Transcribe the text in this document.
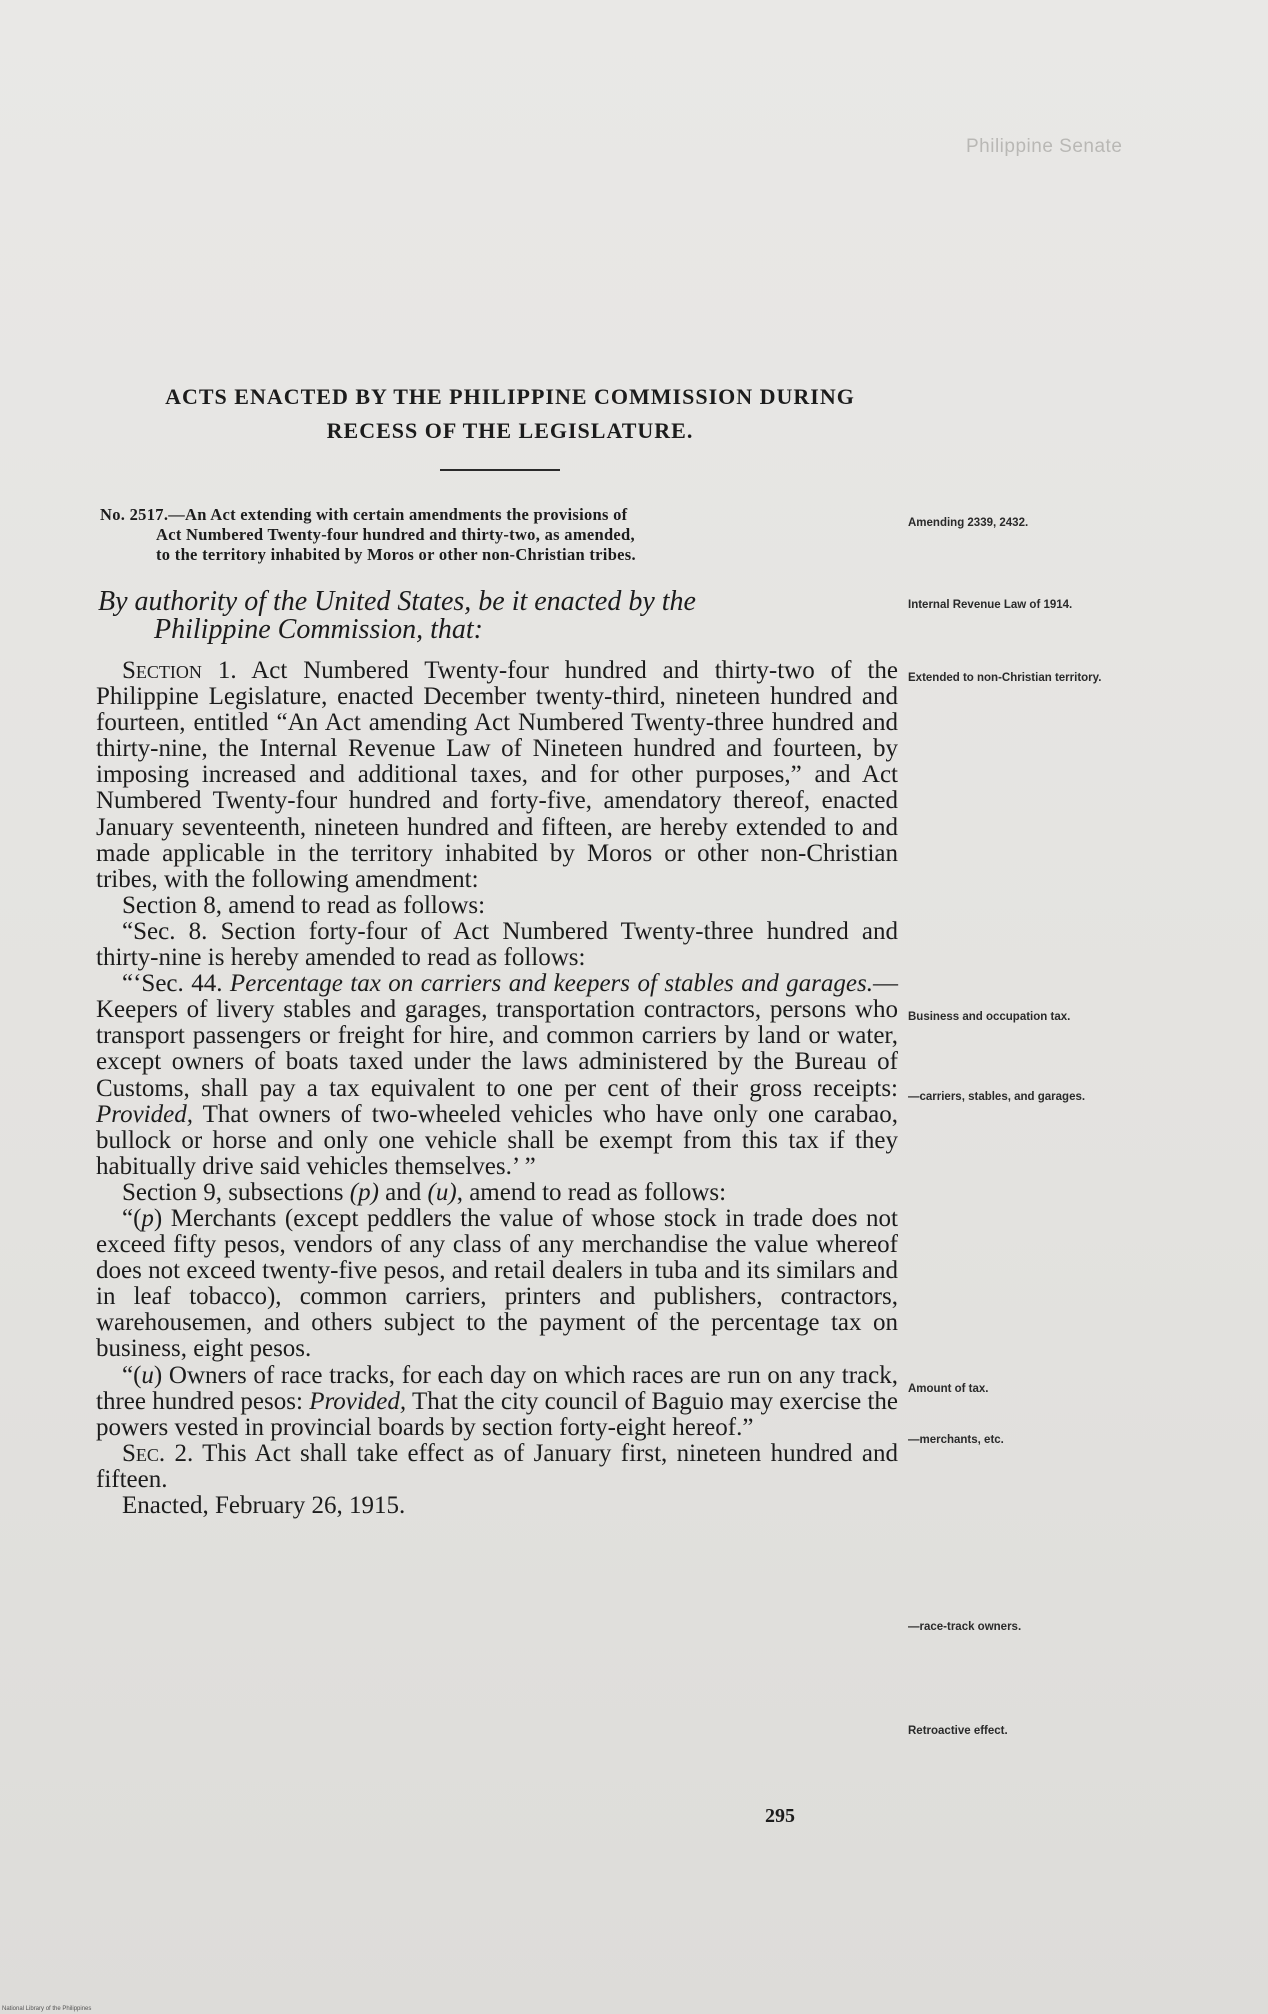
Philippine Senate
ACTS ENACTED BY THE PHILIPPINE COMMISSION DURING
RECESS OF THE LEGISLATURE.
No. 2517.—An Act extending with certain amendments the provisions of
Act Numbered Twenty-four hundred and thirty-two, as amended,
to the territory inhabited by Moros or other non-Christian tribes.
By authority of the United States, be it enacted by the
Philippine Commission, that:

Section 1. Act Numbered Twenty-four hundred and thirty-two of the Philippine Legislature, enacted December twenty-third, nineteen hundred and fourteen, entitled “An Act amending Act Numbered Twenty-three hundred and thirty-nine, the Internal Revenue Law of Nineteen hundred and fourteen, by imposing increased and additional taxes, and for other purposes,” and Act Numbered Twenty-four hundred and forty-five, amendatory thereof, enacted January seventeenth, nineteen hundred and fifteen, are hereby extended to and made applicable in the territory inhabited by Moros or other non-Christian tribes, with the following amendment:

Section 8, amend to read as follows:

“Sec. 8. Section forty-four of Act Numbered Twenty-three hundred and thirty-nine is hereby amended to read as follows:

“‘Sec. 44. Percentage tax on carriers and keepers of stables and garages.—Keepers of livery stables and garages, transportation contractors, persons who transport passengers or freight for hire, and common carriers by land or water, except owners of boats taxed under the laws administered by the Bureau of Customs, shall pay a tax equivalent to one per cent of their gross receipts: Provided, That owners of two-wheeled vehicles who have only one carabao, bullock or horse and only one vehicle shall be exempt from this tax if they habitually drive said vehicles themselves.’ ”

Section 9, subsections (p) and (u), amend to read as follows:

“(p) Merchants (except peddlers the value of whose stock in trade does not exceed fifty pesos, vendors of any class of any merchandise the value whereof does not exceed twenty-five pesos, and retail dealers in tuba and its similars and in leaf tobacco), common carriers, printers and publishers, contractors, warehousemen, and others subject to the payment of the percentage tax on business, eight pesos.

“(u) Owners of race tracks, for each day on which races are run on any track, three hundred pesos: Provided, That the city council of Baguio may exercise the powers vested in provincial boards by section forty-eight hereof.”

Sec. 2. This Act shall take effect as of January first, nineteen hundred and fifteen.

Enacted, February 26, 1915.

Amending 2339, 2432.
Internal Revenue Law of 1914.
Extended to non-Christian territory.
Business and occupation tax.
—carriers, stables, and garages.
Amount of tax.
—merchants, etc.
—race-track owners.
Retroactive effect.
295
National Library of the Philippines
